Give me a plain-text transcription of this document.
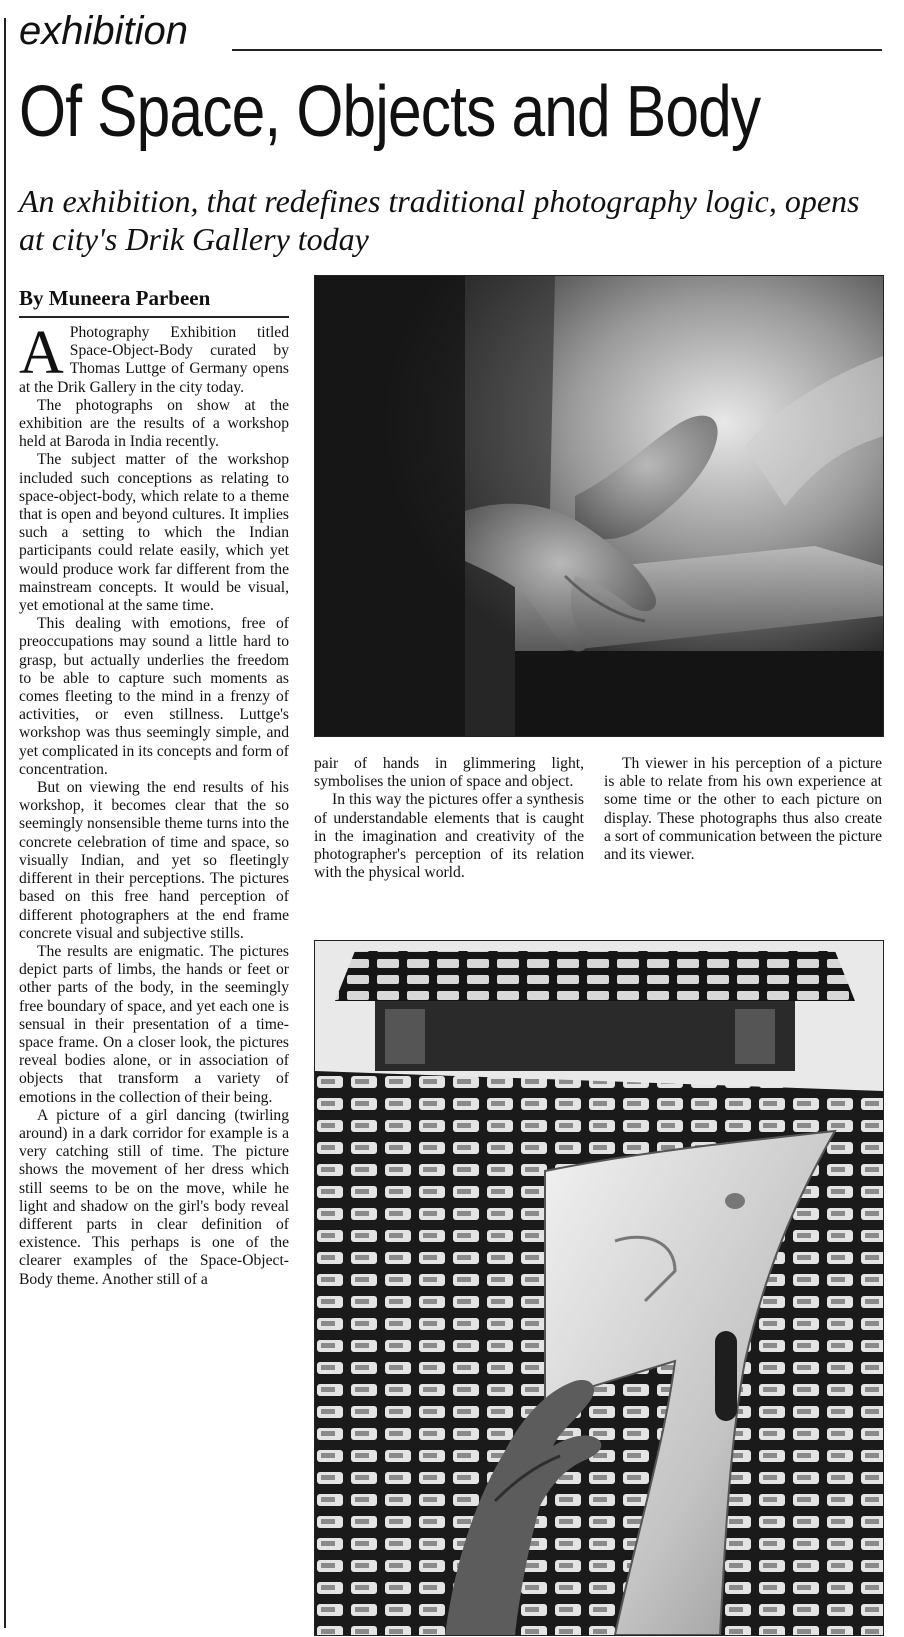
exhibition
Of Space, Objects and Body
An exhibition, that redefines traditional photography logic, opens at city's Drik Gallery today
By Muneera Parbeen

A Photography Exhibition titled Space-Object-Body curated by Thomas Luttge of Germany opens at the Drik Gallery in the city today.

The photographs on show at the exhibition are the results of a workshop held at Baroda in India recently.

The subject matter of the workshop included such conceptions as relating to space-object-body, which relate to a theme that is open and beyond cultures. It implies such a setting to which the Indian participants could relate easily, which yet would produce work far different from the mainstream concepts. It would be visual, yet emotional at the same time.

This dealing with emotions, free of preoccupations may sound a little hard to grasp, but actually underlies the freedom to be able to capture such moments as comes fleeting to the mind in a frenzy of activities, or even stillness. Luttge's workshop was thus seemingly simple, and yet complicated in its concepts and form of concentration.

But on viewing the end results of his workshop, it becomes clear that the so seemingly nonsensible theme turns into the concrete celebration of time and space, so visually Indian, and yet so fleetingly different in their perceptions. The pictures based on this free hand perception of different photographers at the end frame concrete visual and subjective stills.

The results are enigmatic. The pictures depict parts of limbs, the hands or feet or other parts of the body, in the seemingly free boundary of space, and yet each one is sensual in their presentation of a time-space frame. On a closer look, the pictures reveal bodies alone, or in association of objects that transform a variety of emotions in the collection of their being.

A picture of a girl dancing (twirling around) in a dark corridor for example is a very catching still of time. The picture shows the movement of her dress which still seems to be on the move, while he light and shadow on the girl's body reveal different parts in clear definition of existence. This perhaps is one of the clearer examples of the Space-Object-Body theme. Another still of a

pair of hands in glimmering light, symbolises the union of space and object.

In this way the pictures offer a synthesis of understandable elements that is caught in the imagination and creativity of the photographer's perception of its relation with the physical world.

Th viewer in his perception of a picture is able to relate from his own experience at some time or the other to each picture on display. These photographs thus also create a sort of communication between the picture and its viewer.
